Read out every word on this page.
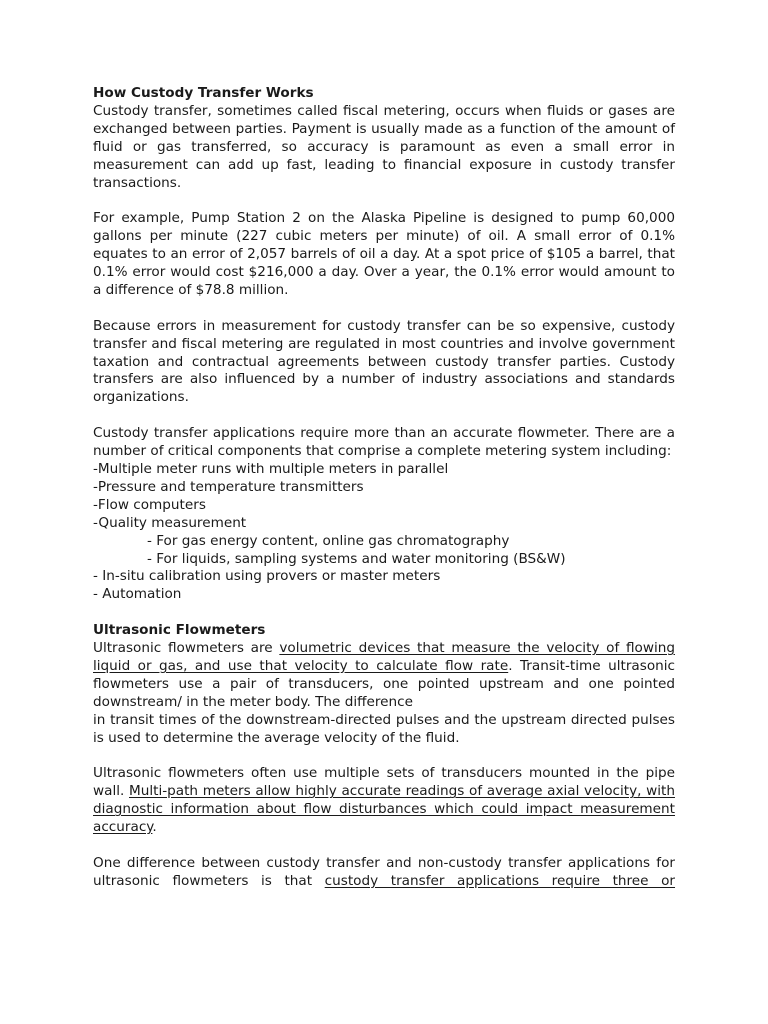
How Custody Transfer Works

Custody transfer, sometimes called fiscal metering, occurs when fluids or gases are exchanged between parties. Payment is usually made as a function of the amount of fluid or gas transferred, so accuracy is paramount as even a small error in measurement can add up fast, leading to financial exposure in custody transfer transactions.

For example, Pump Station 2 on the Alaska Pipeline is designed to pump 60,000 gallons per minute (227 cubic meters per minute) of oil. A small error of 0.1% equates to an error of 2,057 barrels of oil a day. At a spot price of $105 a barrel, that 0.1% error would cost $216,000 a day. Over a year, the 0.1% error would amount to a difference of $78.8 million.

Because errors in measurement for custody transfer can be so expensive, custody transfer and fiscal metering are regulated in most countries and involve government taxation and contractual agreements between custody transfer parties. Custody transfers are also influenced by a number of industry associations and standards organizations.

Custody transfer applications require more than an accurate flowmeter. There are a number of critical components that comprise a complete metering system including:

-Multiple meter runs with multiple meters in parallel
-Pressure and temperature transmitters
-Flow computers
-Quality measurement
- For gas energy content, online gas chromatography
- For liquids, sampling systems and water monitoring (BS&W)
- In-situ calibration using provers or master meters
- Automation

Ultrasonic Flowmeters

Ultrasonic flowmeters are volumetric devices that measure the velocity of flowing liquid or gas, and use that velocity to calculate flow rate. Transit-time ultrasonic flowmeters use a pair of transducers, one pointed upstream and one pointed downstream/ in the meter body. The difference

in transit times of the downstream-directed pulses and the upstream directed pulses is used to determine the average velocity of the fluid.

Ultrasonic flowmeters often use multiple sets of transducers mounted in the pipe wall. Multi-path meters allow highly accurate readings of average axial velocity, with diagnostic information about flow disturbances which could impact measurement accuracy.

One difference between custody transfer and non-custody transfer applications for ultrasonic flowmeters is that custody transfer applications require three or
